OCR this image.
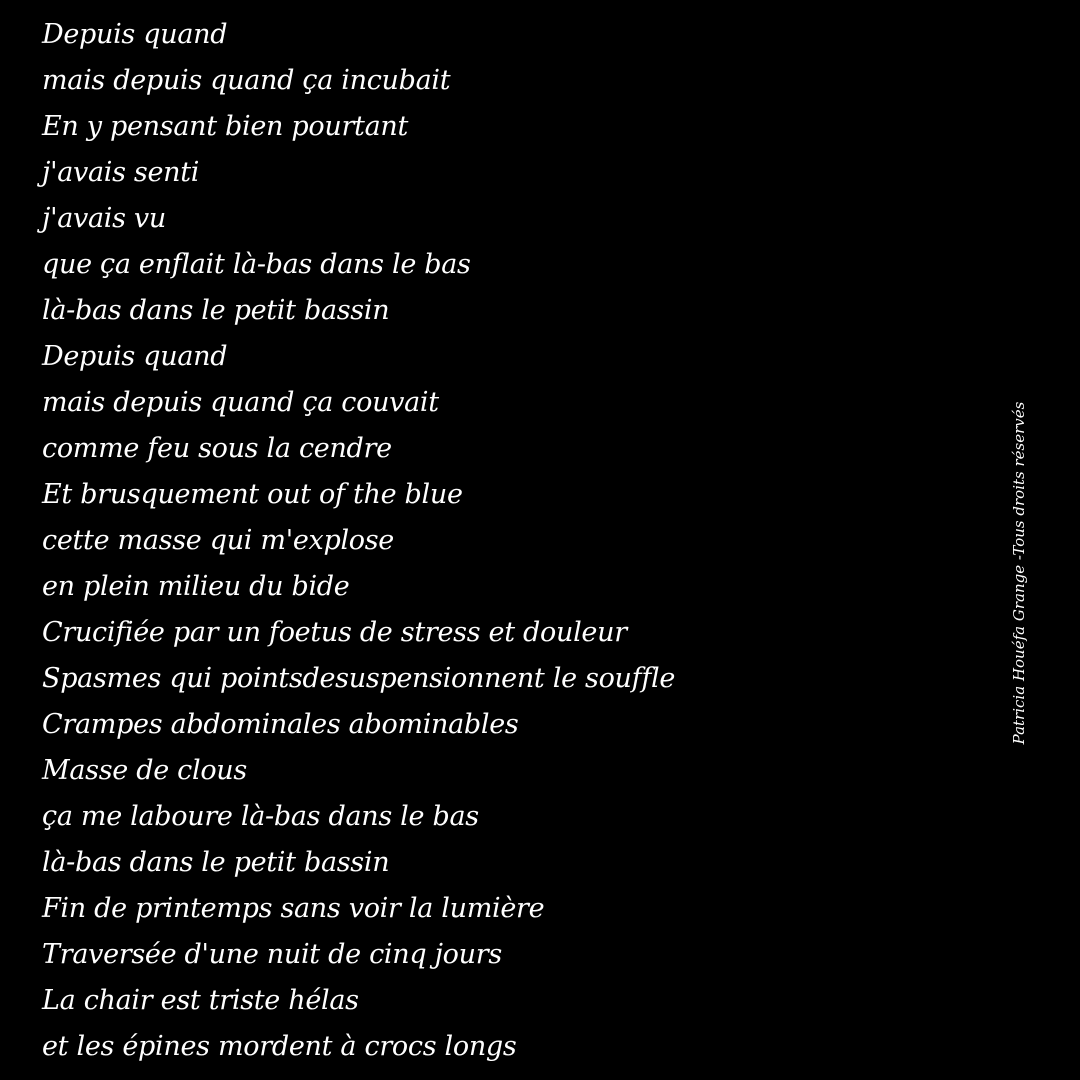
Depuis quand
mais depuis quand ça incubait
En y pensant bien pourtant
j'avais senti
j'avais vu
que ça enflait là-bas dans le bas
là-bas dans le petit bassin
Depuis quand
mais depuis quand ça couvait
comme feu sous la cendre
Et brusquement out of the blue
cette masse qui m'explose
en plein milieu du bide
Crucifiée par un foetus de stress et douleur
Spasmes qui pointsdesuspensionnent le souffle
Crampes abdominales abominables
Masse de clous
ça me laboure là-bas dans le bas
là-bas dans le petit bassin
Fin de printemps sans voir la lumière
Traversée d'une nuit de cinq jours
La chair est triste hélas
et les épines mordent à crocs longs
Patricia Houéfa Grange -Tous droits réservés
